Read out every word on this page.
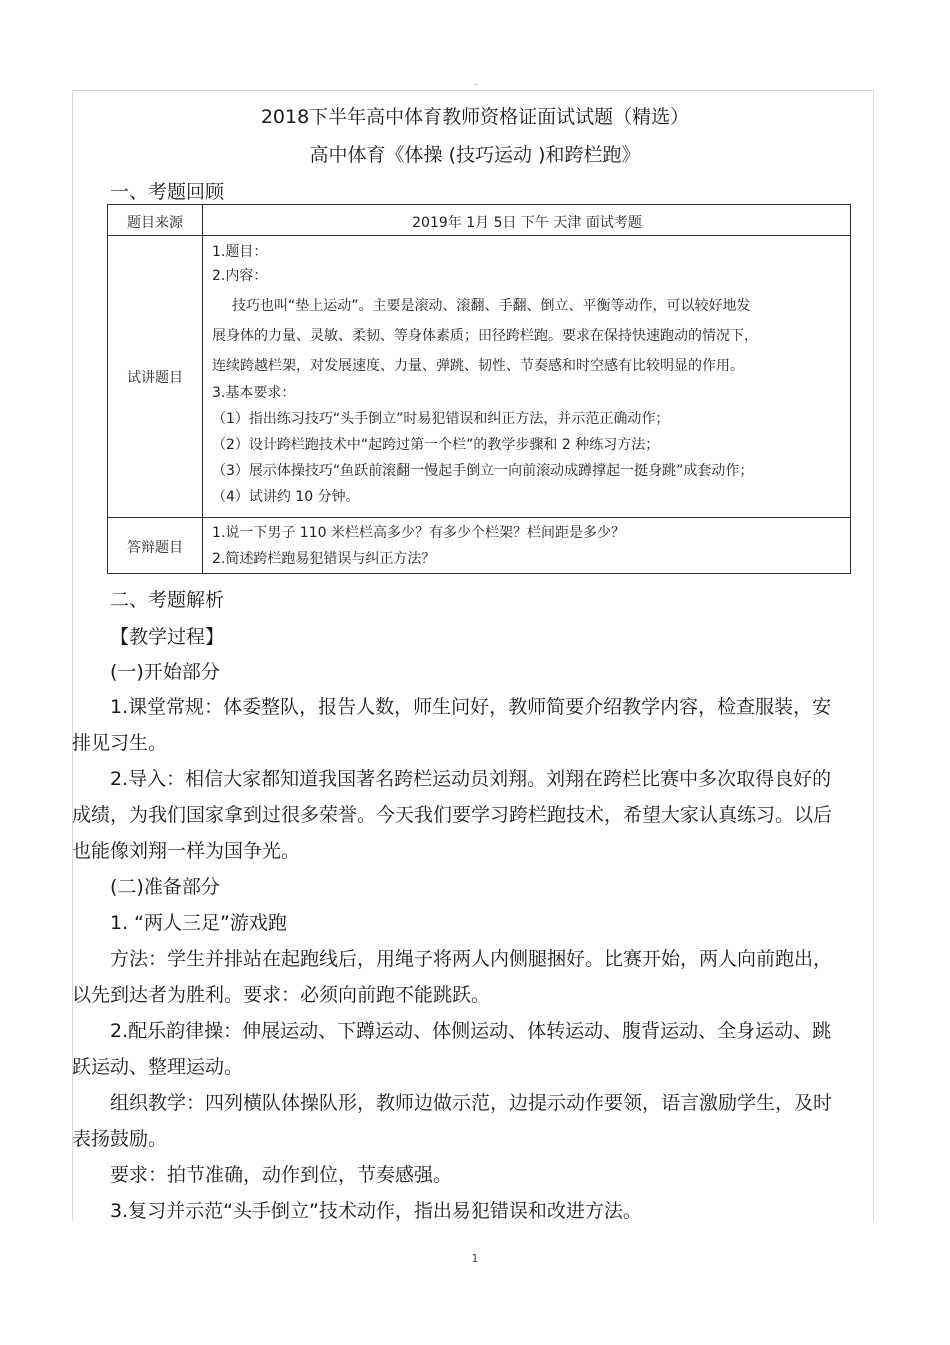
2018下半年高中体育教师资格证面试试题（精选）
高中体育《体操 (技巧运动 )和跨栏跑》

一、考题回顾

题目来源	2019年 1月 5日 下午 天津 面试考题
试讲题目
1.题目：
2.内容：
技巧也叫“垫上运动”。主要是滚动、滚翻、手翻、倒立、平衡等动作，可以较好地发
展身体的力量、灵敏、柔韧、等身体素质；田径跨栏跑。要求在保持快速跑动的情况下，
连续跨越栏架，对发展速度、力量、弹跳、韧性、节奏感和时空感有比较明显的作用。
3.基本要求：
（1）指出练习技巧“头手倒立”时易犯错误和纠正方法，并示范正确动作；
（2）设计跨栏跑技术中“起跨过第一个栏”的教学步骤和 2 种练习方法；
（3）展示体操技巧“鱼跃前滚翻一慢起手倒立一向前滚动成蹲撑起一挺身跳”成套动作；
（4）试讲约 10 分钟。
答辩题目
1.说一下男子 110 米栏栏高多少？有多少个栏架？栏间距是多少？
2.简述跨栏跑易犯错误与纠正方法？

二、考题解析

【教学过程】

(一)开始部分

1.课堂常规：体委整队，报告人数，师生问好，教师简要介绍教学内容，检查服装，安排见习生。

2.导入：相信大家都知道我国著名跨栏运动员刘翔。刘翔在跨栏比赛中多次取得良好的成绩，为我们国家拿到过很多荣誉。今天我们要学习跨栏跑技术，希望大家认真练习。以后也能像刘翔一样为国争光。

(二)准备部分

1. “两人三足”游戏跑

方法：学生并排站在起跑线后，用绳子将两人内侧腿捆好。比赛开始，两人向前跑出，以先到达者为胜利。要求：必须向前跑不能跳跃。

2.配乐韵律操：伸展运动、下蹲运动、体侧运动、体转运动、腹背运动、全身运动、跳跃运动、整理运动。

组织教学：四列横队体操队形，教师边做示范，边提示动作要领，语言激励学生，及时表扬鼓励。

要求：拍节准确，动作到位，节奏感强。

3.复习并示范“头手倒立”技术动作，指出易犯错误和改进方法。

1
